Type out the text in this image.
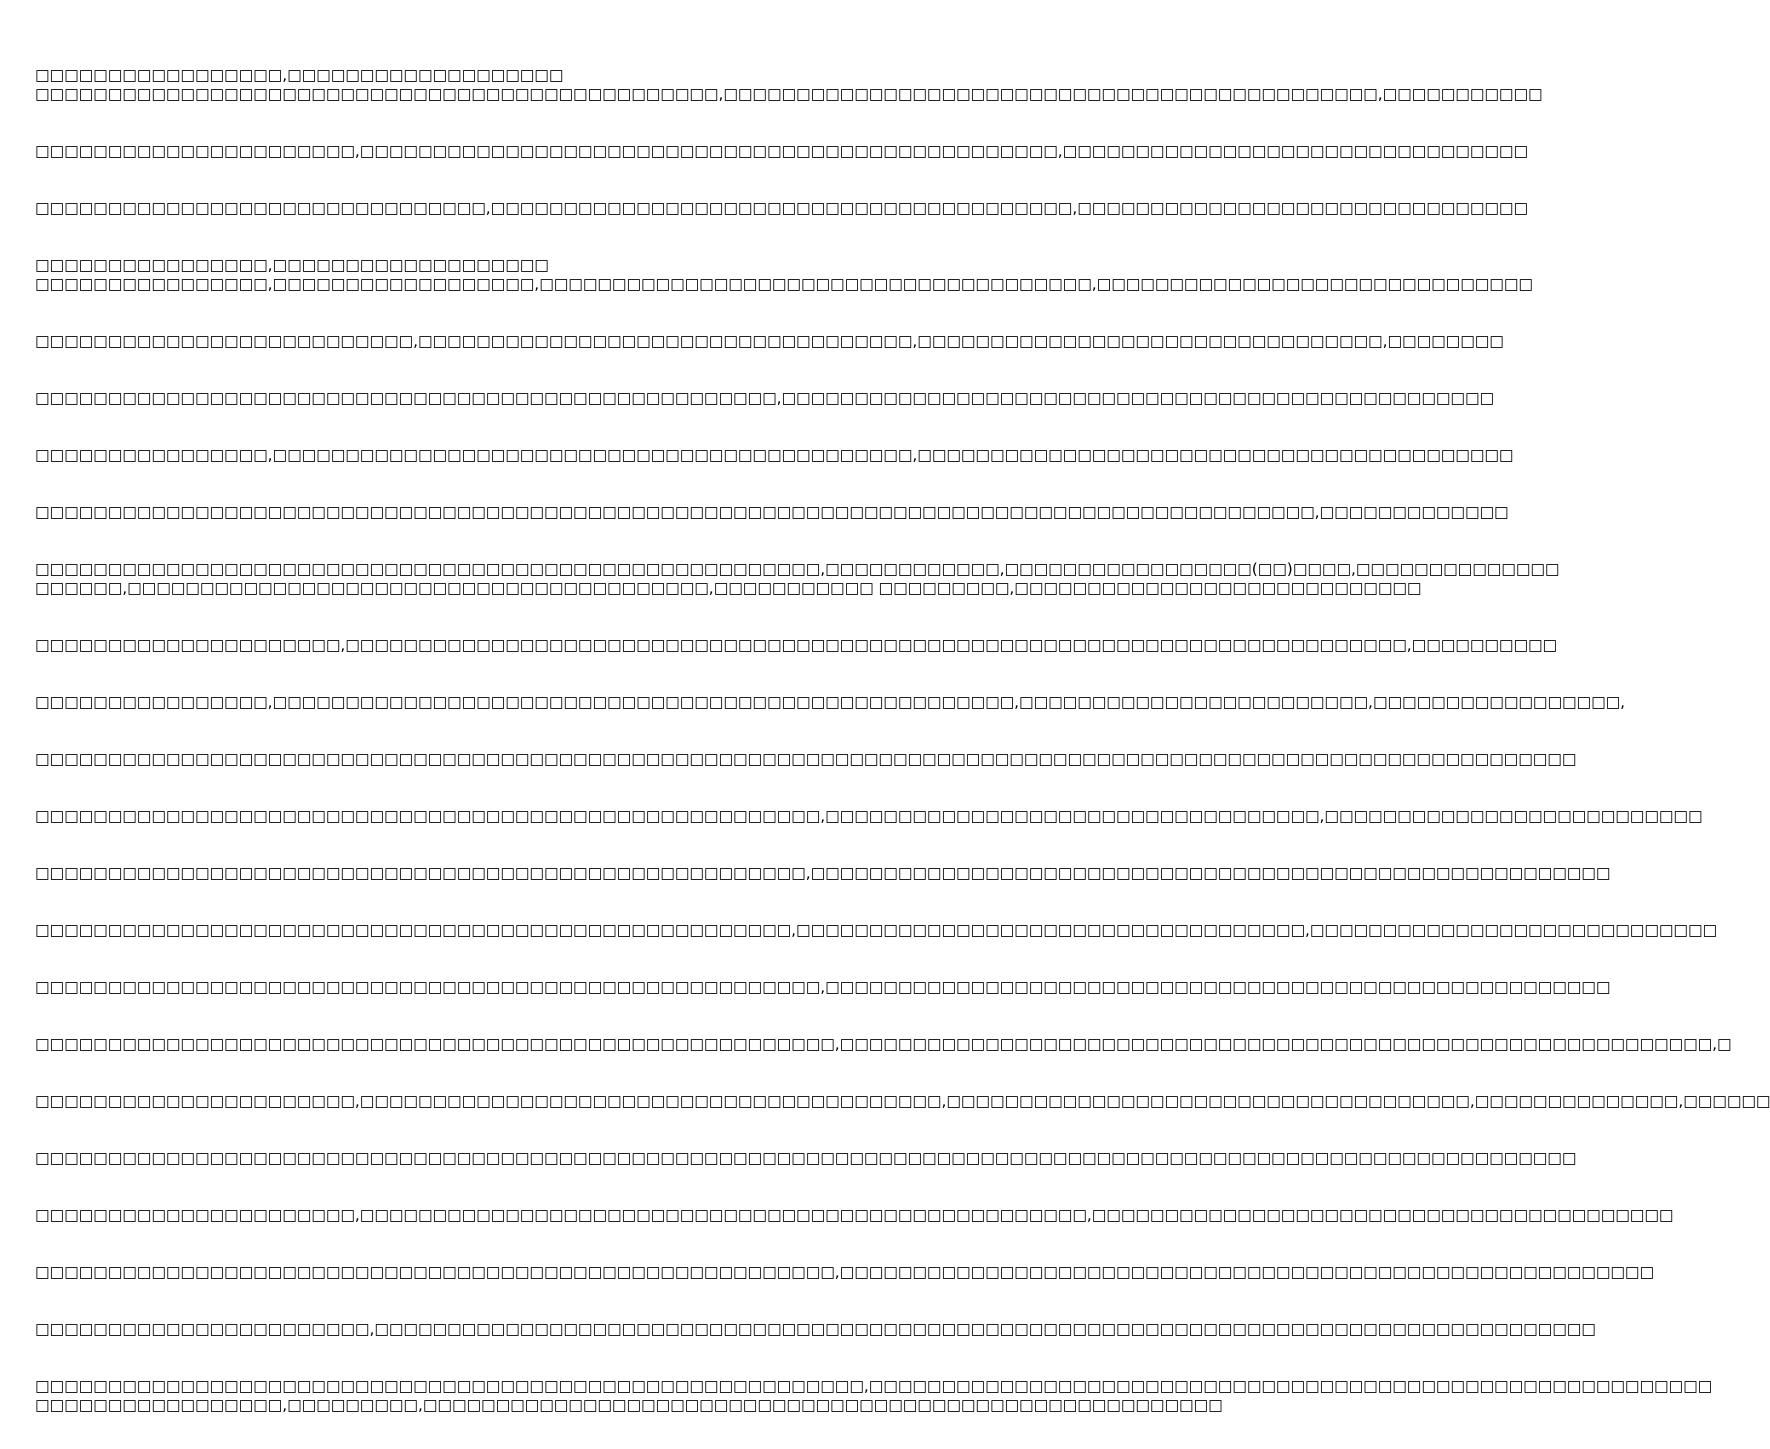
□□□□□□□□□□□□□□□□□,□□□□□□□□□□□□□□□□□□□
□□□□□□□□□□□□□□□□□□□□□□□□□□□□□□□□□□□□□□□□□□□□□□□,□□□□□□□□□□□□□□□□□□□□□□□□□□□□□□□□□□□□□□□□□□□□□,□□□□□□□□□□□
□□□□□□□□□□□□□□□□□□□□□□,□□□□□□□□□□□□□□□□□□□□□□□□□□□□□□□□□□□□□□□□□□□□□□□□,□□□□□□□□□□□□□□□□□□□□□□□□□□□□□□□□
□□□□□□□□□□□□□□□□□□□□□□□□□□□□□□□,□□□□□□□□□□□□□□□□□□□□□□□□□□□□□□□□□□□□□□□□,□□□□□□□□□□□□□□□□□□□□□□□□□□□□□□□
□□□□□□□□□□□□□□□□,□□□□□□□□□□□□□□□□□□□
□□□□□□□□□□□□□□□□,□□□□□□□□□□□□□□□□□□,□□□□□□□□□□□□□□□□□□□□□□□□□□□□□□□□□□□□□□,□□□□□□□□□□□□□□□□□□□□□□□□□□□□□□
□□□□□□□□□□□□□□□□□□□□□□□□□□,□□□□□□□□□□□□□□□□□□□□□□□□□□□□□□□□□□,□□□□□□□□□□□□□□□□□□□□□□□□□□□□□□□□,□□□□□□□□
□□□□□□□□□□□□□□□□□□□□□□□□□□□□□□□□□□□□□□□□□□□□□□□□□□□,□□□□□□□□□□□□□□□□□□□□□□□□□□□□□□□□□□□□□□□□□□□□□□□□□
□□□□□□□□□□□□□□□□,□□□□□□□□□□□□□□□□□□□□□□□□□□□□□□□□□□□□□□□□□□□□,□□□□□□□□□□□□□□□□□□□□□□□□□□□□□□□□□□□□□□□□□
□□□□□□□□□□□□□□□□□□□□□□□□□□□□□□□□□□□□□□□□□□□□□□□□□□□□□□□□□□□□□□□□□□□□□□□□□□□□□□□□□□□□□□□□,□□□□□□□□□□□□□
□□□□□□□□□□□□□□□□□□□□□□□□□□□□□□□□□□□□□□□□□□□□□□□□□□□□□□,□□□□□□□□□□□□,□□□□□□□□□□□□□□□□□(□□)□□□□,□□□□□□□□□□□□□□
□□□□□□,□□□□□□□□□□□□□□□□□□□□□□□□□□□□□□□□□□□□□□□□,□□□□□□□□□□□ □□□□□□□□□,□□□□□□□□□□□□□□□□□□□□□□□□□□□□
□□□□□□□□□□□□□□□□□□□□□,□□□□□□□□□□□□□□□□□□□□□□□□□□□□□□□□□□□□□□□□□□□□□□□□□□□□□□□□□□□□□□□□□□□□□□□□□,□□□□□□□□□□
□□□□□□□□□□□□□□□□,□□□□□□□□□□□□□□□□□□□□□□□□□□□□□□□□□□□□□□□□□□□□□□□□□□□,□□□□□□□□□□□□□□□□□□□□□□□□,□□□□□□□□□□□□□□□□□,
□□□□□□□□□□□□□□□□□□□□□□□□□□□□□□□□□□□□□□□□□□□□□□□□□□□□□□□□□□□□□□□□□□□□□□□□□□□□□□□□□□□□□□□□□□□□□□□□□□□□□□□□□□
□□□□□□□□□□□□□□□□□□□□□□□□□□□□□□□□□□□□□□□□□□□□□□□□□□□□□□,□□□□□□□□□□□□□□□□□□□□□□□□□□□□□□□□□□,□□□□□□□□□□□□□□□□□□□□□□□□□□
□□□□□□□□□□□□□□□□□□□□□□□□□□□□□□□□□□□□□□□□□□□□□□□□□□□□□,□□□□□□□□□□□□□□□□□□□□□□□□□□□□□□□□□□□□□□□□□□□□□□□□□□□□□□□
□□□□□□□□□□□□□□□□□□□□□□□□□□□□□□□□□□□□□□□□□□□□□□□□□□□□,□□□□□□□□□□□□□□□□□□□□□□□□□□□□□□□□□□□,□□□□□□□□□□□□□□□□□□□□□□□□□□□□
□□□□□□□□□□□□□□□□□□□□□□□□□□□□□□□□□□□□□□□□□□□□□□□□□□□□□□,□□□□□□□□□□□□□□□□□□□□□□□□□□□□□□□□□□□□□□□□□□□□□□□□□□□□□□
□□□□□□□□□□□□□□□□□□□□□□□□□□□□□□□□□□□□□□□□□□□□□□□□□□□□□□□,□□□□□□□□□□□□□□□□□□□□□□□□□□□□□□□□□□□□□□□□□□□□□□□□□□□□□□□□□□□□,□
□□□□□□□□□□□□□□□□□□□□□□,□□□□□□□□□□□□□□□□□□□□□□□□□□□□□□□□□□□□□□□□,□□□□□□□□□□□□□□□□□□□□□□□□□□□□□□□□□□□□,□□□□□□□□□□□□□□,□□□□□□
□□□□□□□□□□□□□□□□□□□□□□□□□□□□□□□□□□□□□□□□□□□□□□□□□□□□□□□□□□□□□□□□□□□□□□□□□□□□□□□□□□□□□□□□□□□□□□□□□□□□□□□□□□
□□□□□□□□□□□□□□□□□□□□□□,□□□□□□□□□□□□□□□□□□□□□□□□□□□□□□□□□□□□□□□□□□□□□□□□□□,□□□□□□□□□□□□□□□□□□□□□□□□□□□□□□□□□□□□□□□□
□□□□□□□□□□□□□□□□□□□□□□□□□□□□□□□□□□□□□□□□□□□□□□□□□□□□□□□,□□□□□□□□□□□□□□□□□□□□□□□□□□□□□□□□□□□□□□□□□□□□□□□□□□□□□□□□
□□□□□□□□□□□□□□□□□□□□□□□,□□□□□□□□□□□□□□□□□□□□□□□□□□□□□□□□□□□□□□□□□□□□□□□□□□□□□□□□□□□□□□□□□□□□□□□□□□□□□□□□□□□□
□□□□□□□□□□□□□□□□□□□□□□□□□□□□□□□□□□□□□□□□□□□□□□□□□□□□□□□□□,□□□□□□□□□□□□□□□□□□□□□□□□□□□□□□□□□□□□□□□□□□□□□□□□□□□□□□□□□□
□□□□□□□□□□□□□□□□□,□□□□□□□□□,□□□□□□□□□□□□□□□□□□□□□□□□□□□□□□□□□□□□□□□□□□□□□□□□□□□□□□□
